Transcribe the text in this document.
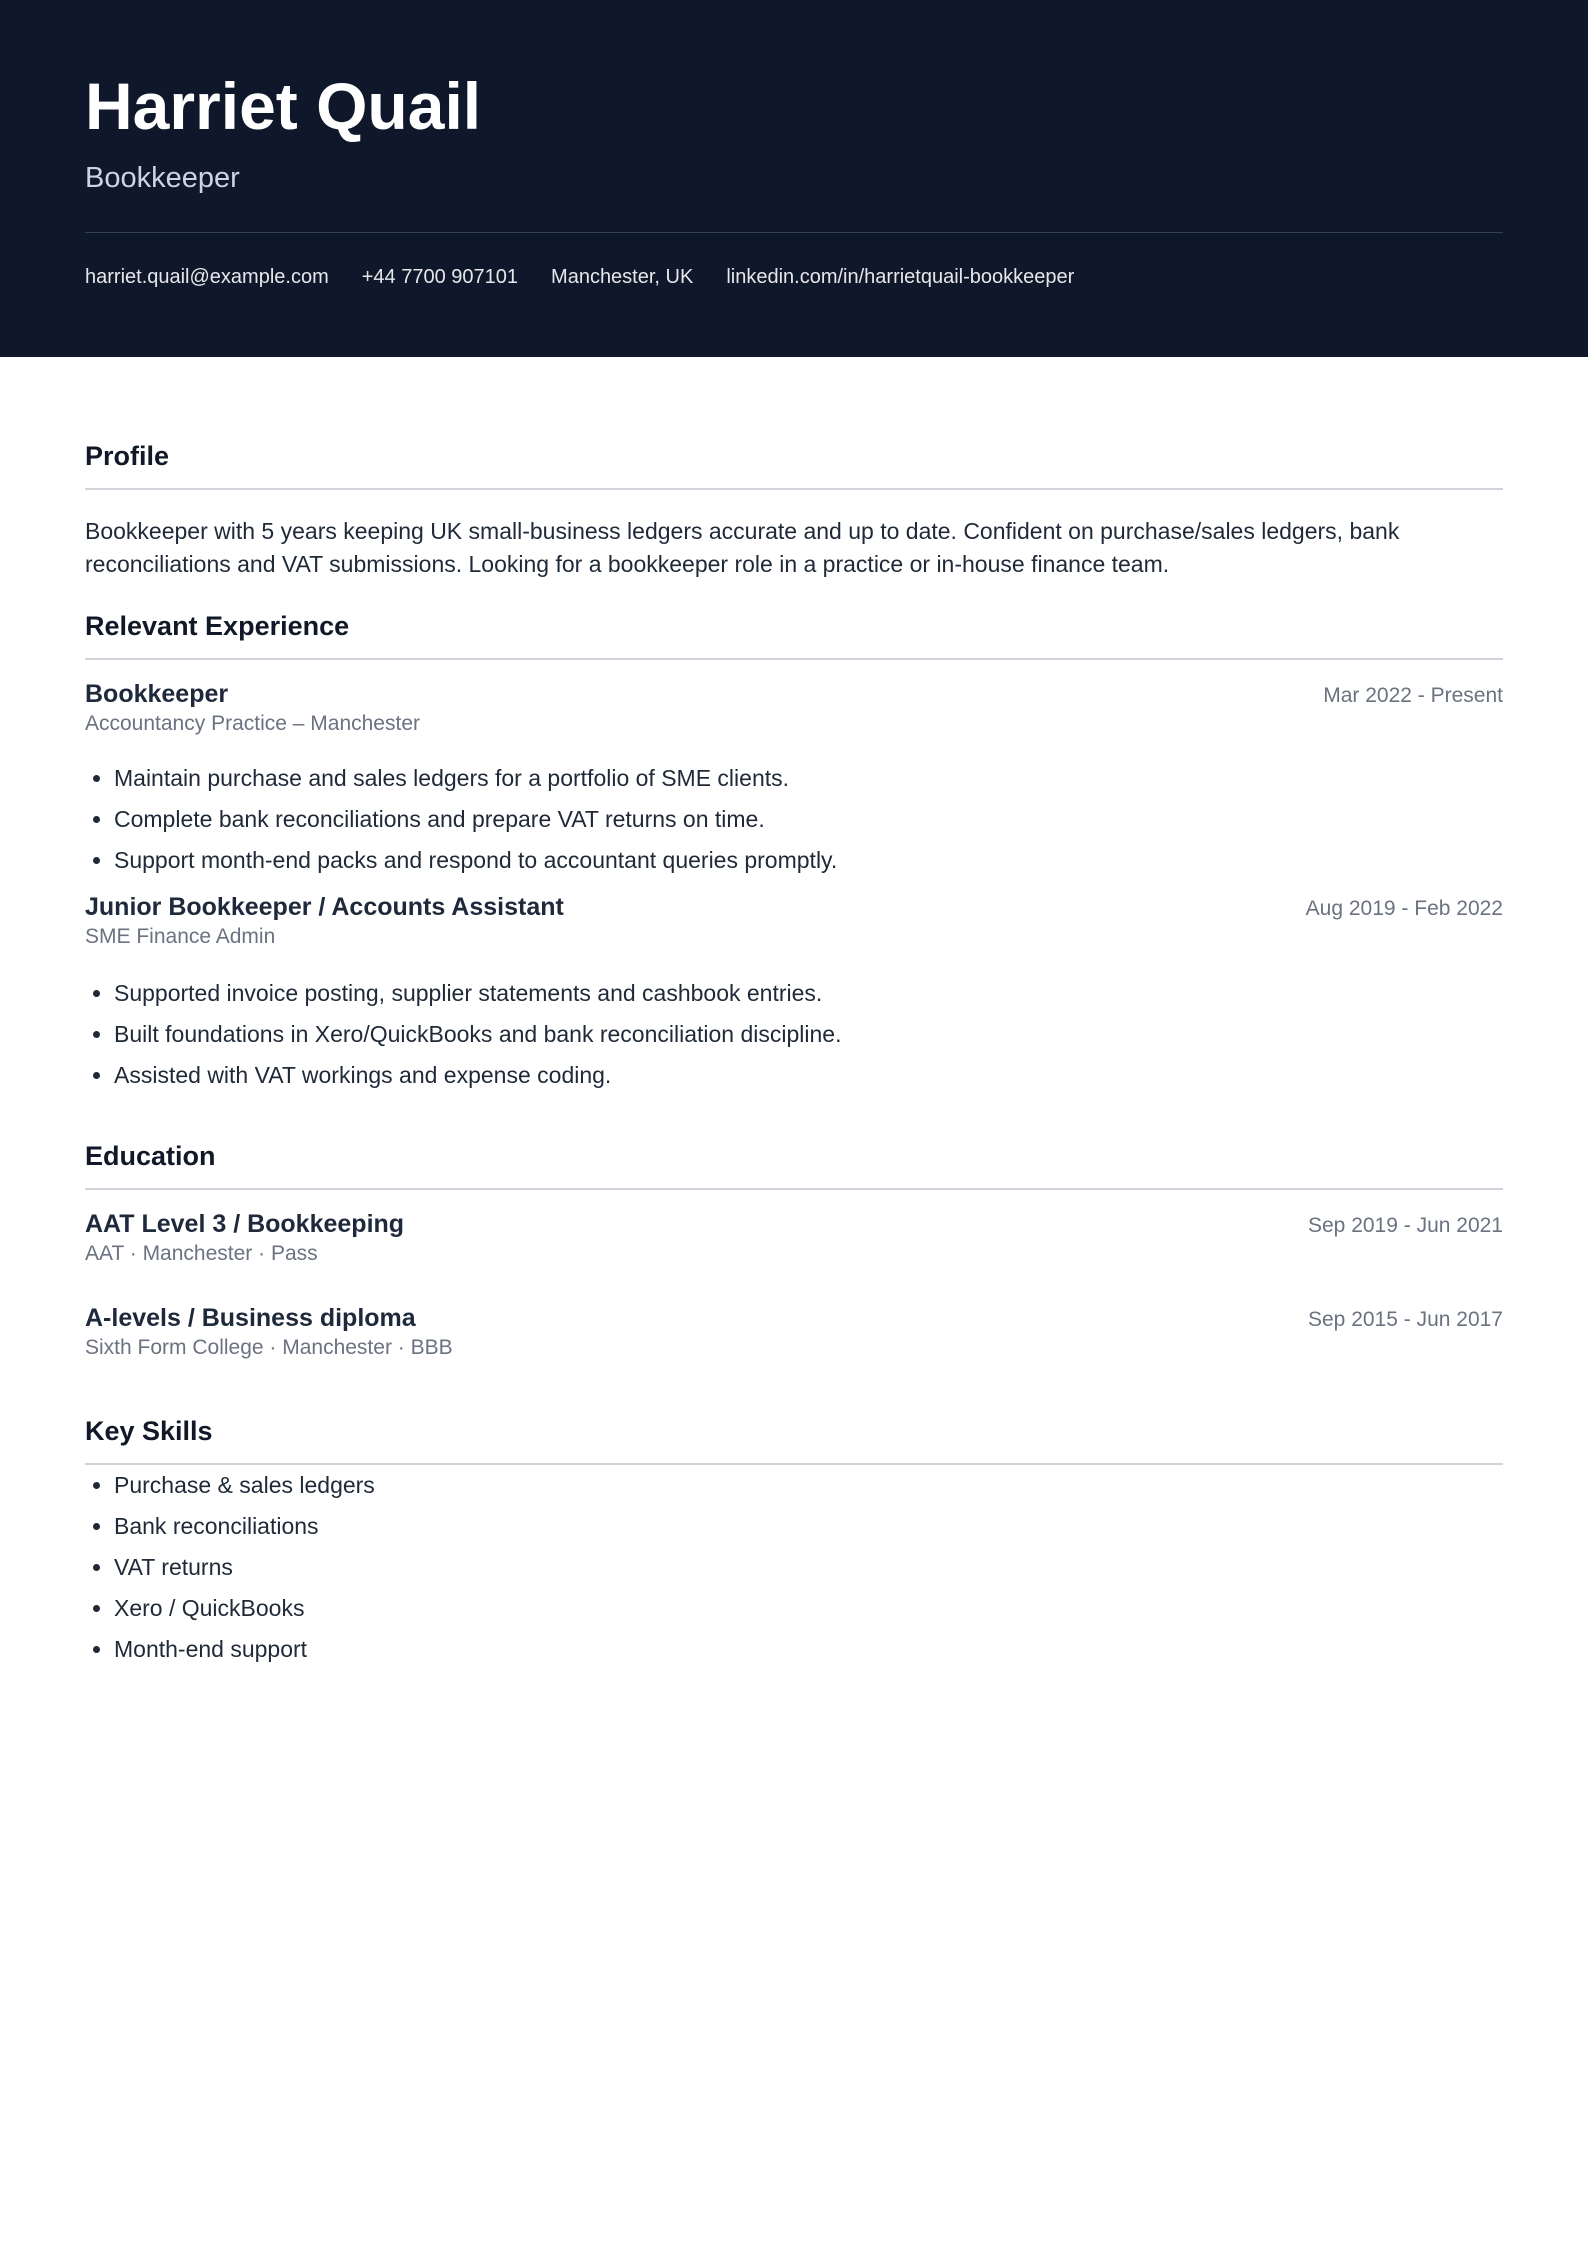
Harriet Quail
Bookkeeper
harriet.quail@example.com +44 7700 907101 Manchester, UK linkedin.com/in/harrietquail-bookkeeper
Profile

Bookkeeper with 5 years keeping UK small-business ledgers accurate and up to date. Confident on purchase/sales ledgers, bank reconciliations and VAT submissions. Looking for a bookkeeper role in a practice or in-house finance team.

Relevant Experience
Bookkeeper	Mar 2022 - Present
Accountancy Practice – Manchester
• Maintain purchase and sales ledgers for a portfolio of SME clients.
• Complete bank reconciliations and prepare VAT returns on time.
• Support month-end packs and respond to accountant queries promptly.
Junior Bookkeeper / Accounts Assistant	Aug 2019 - Feb 2022
SME Finance Admin
• Supported invoice posting, supplier statements and cashbook entries.
• Built foundations in Xero/QuickBooks and bank reconciliation discipline.
• Assisted with VAT workings and expense coding.
Education
AAT Level 3 / Bookkeeping	Sep 2019 - Jun 2021
AAT · Manchester · Pass
A-levels / Business diploma	Sep 2015 - Jun 2017
Sixth Form College · Manchester · BBB
Key Skills
• Purchase & sales ledgers
• Bank reconciliations
• VAT returns
• Xero / QuickBooks
• Month-end support
